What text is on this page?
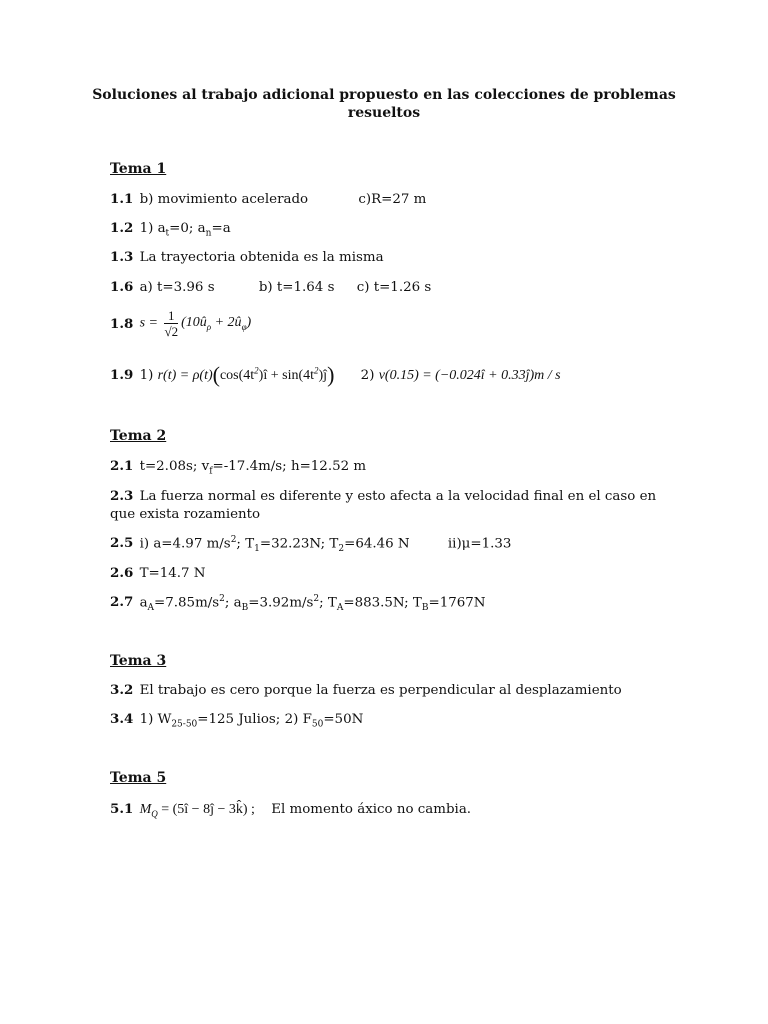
Soluciones al trabajo adicional propuesto en las colecciones de problemas resueltos
Tema 1
1.1 b) movimiento acelerado	c)R=27 m
1.2 1) $a_t=0$; $a_n=a$
1.3 La trayectoria obtenida es la misma
1.6 a) t=3.96 s	b) t=1.64 s c) t=1.26 s
1.8 $s = \frac{1}{√2}$ ($10û_\rho$ + $2û_\varphi$)
1.9 1) $r(t) = \rho(t)(\cos(4t^2)î$ + $\sin(4t^2)ĵ$) 2) v(0.15) = (−0.024î + 0.33ĵ)m / s
Tema 2
2.1 t=2.08s; $v_f=-17.4m/s$; h=12.52 m
2.3 La fuerza normal es diferente y esto afecta a la velocidad final en el caso en que exista rozamiento
2.5 i) a=4.97 $m/s^2$; $T_1=32.23N$; $T_2=64.46$ N	ii)μ=1.33
2.6 T=14.7 N
2.7 $a_A=7.85m/s^2$; $a_B=3.92m/s^2$; $T_A=883.5N$; $T_B=1767N$
Tema 3
3.2 El trabajo es cero porque la fuerza es perpendicular al desplazamiento
3.4 1) $W_{25-50}=125$ Julios; 2) $F_{50}=50N$
Tema 5
5.1 $M_Q$ = (5î − 8ĵ − 3k̂) ; El momento áxico no cambia.
